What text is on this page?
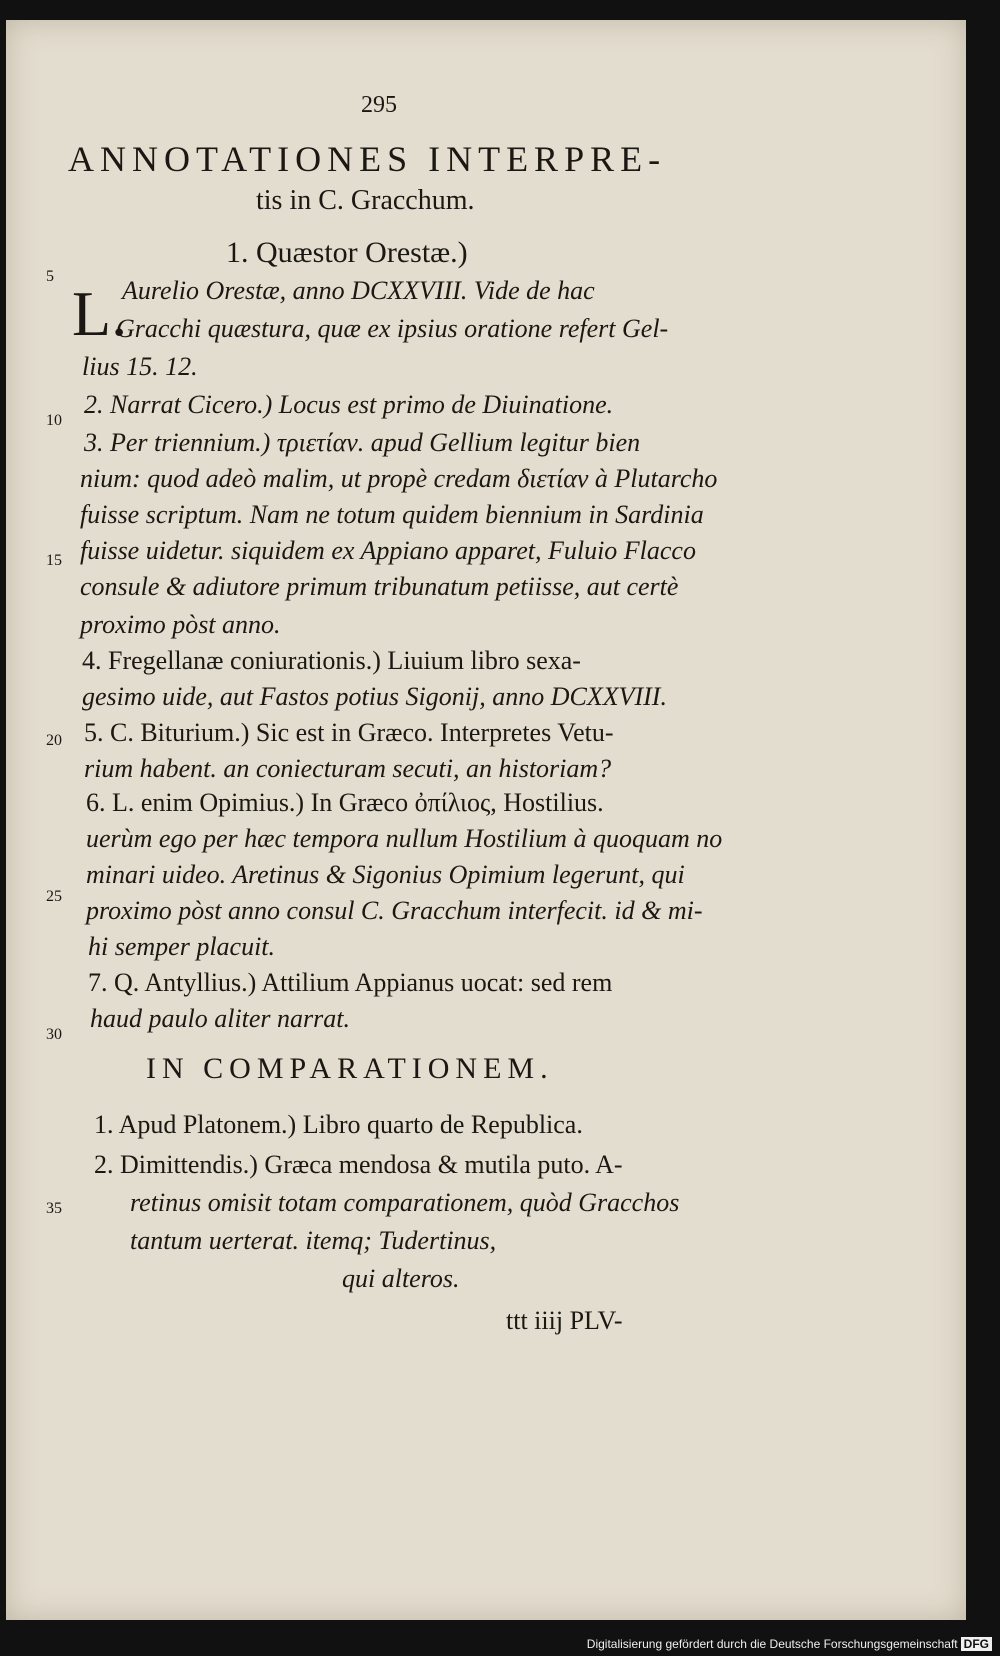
295
ANNOTATIONES INTERPRE-
tis in C. Gracchum.
1. Quæstor Orestæ.)
5
10
15
20
25
30
35
L.
Aurelio Orestæ, anno DCXXVIII. Vide de hac
Gracchi quæstura, quæ ex ipsius oratione refert Gel-
lius 15. 12.
2. Narrat Cicero.) Locus est primo de Diuinatione.
3. Per triennium.) τριετίαν. apud Gellium legitur bien
nium: quod adeò malim, ut propè credam διετίαν à Plutarcho
fuisse scriptum. Nam ne totum quidem biennium in Sardinia
fuisse uidetur. siquidem ex Appiano apparet, Fuluio Flacco
consule & adiutore primum tribunatum petiisse, aut certè
proximo pòst anno.
4. Fregellanæ coniurationis.) Liuium libro sexa-
gesimo uide, aut Fastos potius Sigonij, anno DCXXVIII.
5. C. Biturium.) Sic est in Græco. Interpretes Vetu-
rium habent. an coniecturam secuti, an historiam?
6. L. enim Opimius.) In Græco ὀπίλιος, Hostilius.
uerùm ego per hæc tempora nullum Hostilium à quoquam no
minari uideo. Aretinus & Sigonius Opimium legerunt, qui
proximo pòst anno consul C. Gracchum interfecit. id & mi-
hi semper placuit.
7. Q. Antyllius.) Attilium Appianus uocat: sed rem
haud paulo aliter narrat.
IN COMPARATIONEM.
1. Apud Platonem.) Libro quarto de Republica.
2. Dimittendis.) Græca mendosa & mutila puto. A-
retinus omisit totam comparationem, quòd Gracchos
tantum uerterat. itemq; Tudertinus,
qui alteros.
ttt iiij PLV-
Digitalisierung gefördert durch die Deutsche Forschungsgemeinschaft DFG
